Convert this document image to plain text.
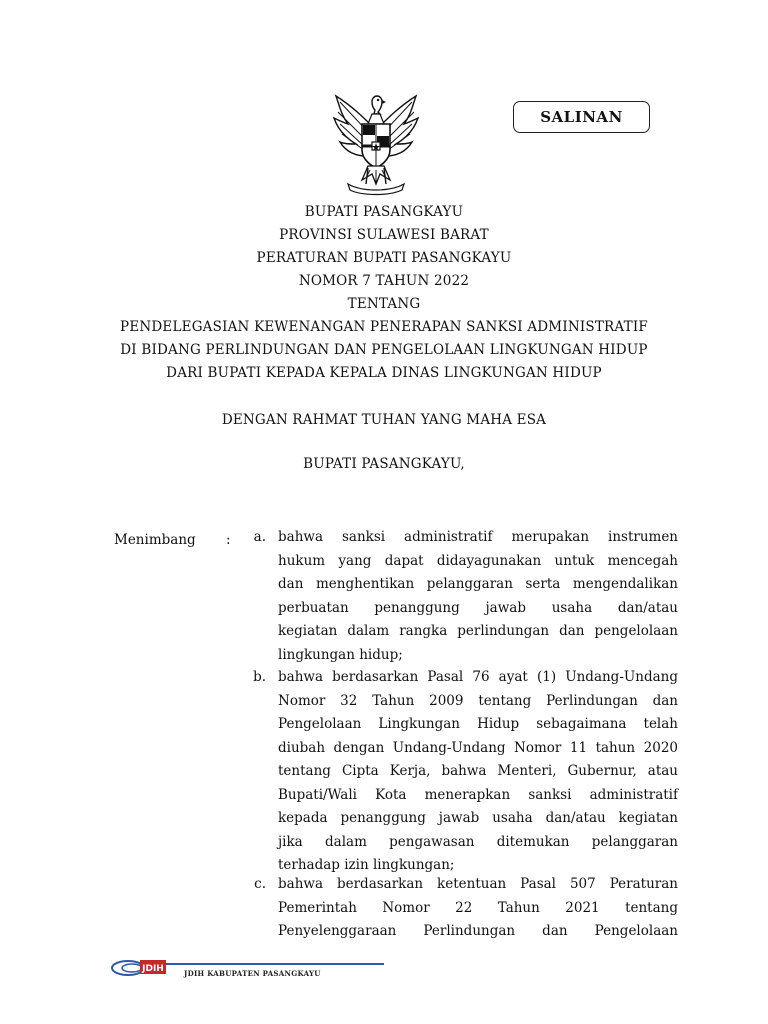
SALINAN
BUPATI PASANGKAYU
PROVINSI SULAWESI BARAT
PERATURAN BUPATI PASANGKAYU
NOMOR 7 TAHUN 2022
TENTANG
PENDELEGASIAN KEWENANGAN PENERAPAN SANKSI ADMINISTRATIF
DI BIDANG PERLINDUNGAN DAN PENGELOLAAN LINGKUNGAN HIDUP
DARI BUPATI KEPADA KEPALA DINAS LINGKUNGAN HIDUP
DENGAN RAHMAT TUHAN YANG MAHA ESA
BUPATI PASANGKAYU,
Menimbang :	a. bahwa sanksi administratif merupakan instrumen
hukum yang dapat didayagunakan untuk mencegah
dan menghentikan pelanggaran serta mengendalikan
perbuatan penanggung jawab usaha dan/atau
kegiatan dalam rangka perlindungan dan pengelolaan
lingkungan hidup;
b. bahwa berdasarkan Pasal 76 ayat (1) Undang-Undang
Nomor 32 Tahun 2009 tentang Perlindungan dan
Pengelolaan Lingkungan Hidup sebagaimana telah
diubah dengan Undang-Undang Nomor 11 tahun 2020
tentang Cipta Kerja, bahwa Menteri, Gubernur, atau
Bupati/Wali Kota menerapkan sanksi administratif
kepada penanggung jawab usaha dan/atau kegiatan
jika dalam pengawasan ditemukan pelanggaran
terhadap izin lingkungan;
c. bahwa berdasarkan ketentuan Pasal 507 Peraturan
Pemerintah Nomor 22 Tahun 2021 tentang
Penyelenggaraan Perlindungan dan Pengelolaan
JDIH	JDIH KABUPATEN PASANGKAYU
